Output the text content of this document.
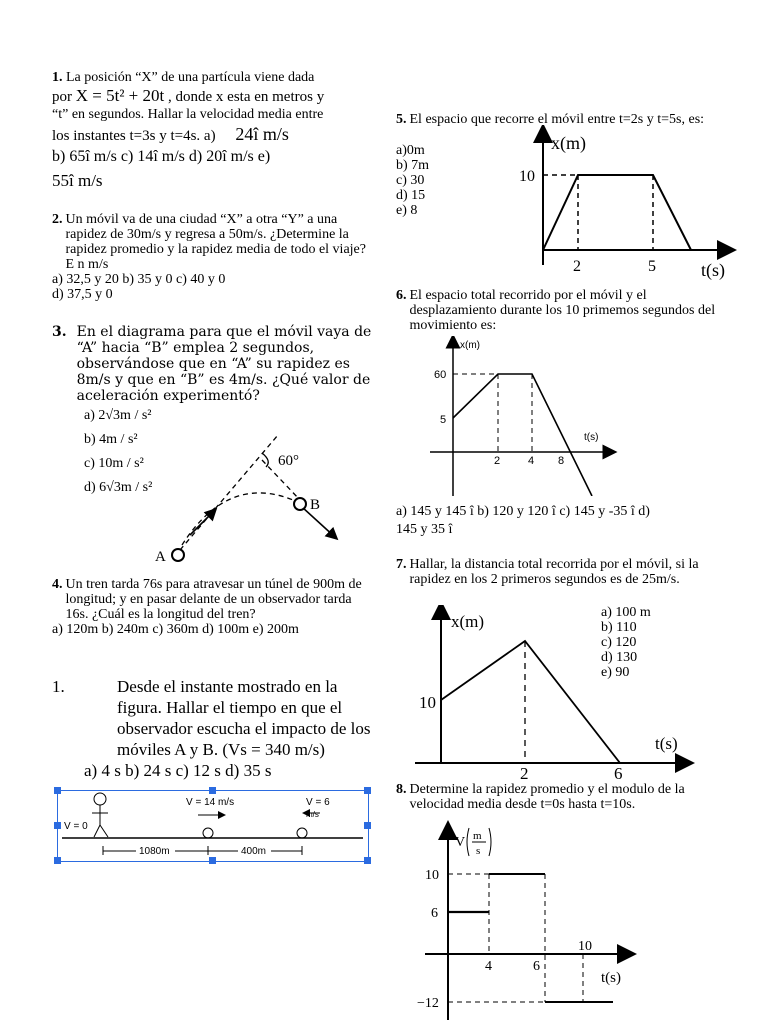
1. La posición “X” de una partícula viene dada
por X = 5t² + 20t , donde x esta en metros y
“t” en segundos. Hallar la velocidad media entre
los instantes t=3s y t=4s. a) 24î m/s
b) 65î m/s c) 14î m/s d) 20î m/s e)
55î m/s
2. Un móvil va de una ciudad “X” a otra “Y” a una rapidez de 30m/s y regresa a 50m/s. ¿Determine la rapidez promedio y la rapidez media de todo el viaje? E n m/s
a) 32,5 y 20 b) 35 y 0 c) 40 y 0
d) 37,5 y 0
3. En el diagrama para que el móvil vaya de “A” hacia “B” emplea 2 segundos, observándose que en “A” su rapidez es 8m/s y que en “B” es 4m/s. ¿Qué valor de aceleración experimentó?
a) 2√3m / s²
b) 4m / s²
c) 10m / s²
d) 6√3m / s²
60°
A
B
4. Un tren tarda 76s para atravesar un túnel de 900m de longitud; y en pasar delante de un observador tarda 16s. ¿Cuál es la longitud del tren?
a) 120m b) 240m c) 360m d) 100m e) 200m
1.	Desde el instante mostrado en la figura. Hallar el tiempo en que el observador escucha el impacto de los móviles A y B. (Vs = 340 m/s)
a) 4 s b) 24 s c) 12 s d) 35 s
V = 0
V = 14 m/s	V = 6
m/s
1080m	400m
5. El espacio que recorre el móvil entre t=2s y t=5s, es:
a)0m
b) 7m
c) 30
d) 15
e) 8
x(m)
t(s)
10
2	5
6. El espacio total recorrido por el móvil y el desplazamiento durante los 10 primemos segundos del movimiento es:
x(m)
t(s)
60
5
2	4 8
a) 145 y 145 î b) 120 y 120 î c) 145 y -35 î d)
145 y 35 î
7. Hallar, la distancia total recorrida por el móvil, si la rapidez en los 2 primeros segundos es de 25m/s.
a) 100 m
b) 110
c) 120
d) 130
e) 90
x(m)
t(s)
10
2	6
8. Determine la rapidez promedio y el modulo de la velocidad media desde t=0s hasta t=10s.
V m
s
t(s)
10
6
−12
4	6
10
